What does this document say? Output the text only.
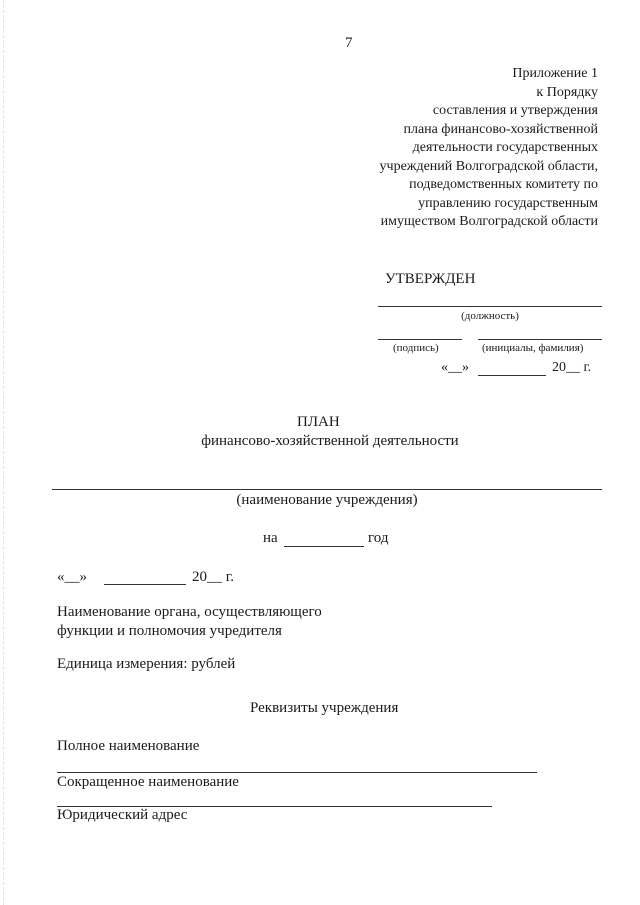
7
Приложение 1
к Порядку
составления и утверждения
плана финансово-хозяйственной
деятельности государственных
учреждений Волгоградской области,
подведомственных комитету по
управлению государственным
имуществом Волгоградской области
УТВЕРЖДЕН
(должность)
(подпись)	(инициалы, фамилия)
«__»	20__ г.
ПЛАН
финансово-хозяйственной деятельности
(наименование учреждения)
на	год
«__»	20__ г.
Наименование органа, осуществляющего
функции и полномочия учредителя
Единица измерения: рублей
Реквизиты учреждения
Полное наименование
Сокращенное наименование
Юридический адрес
